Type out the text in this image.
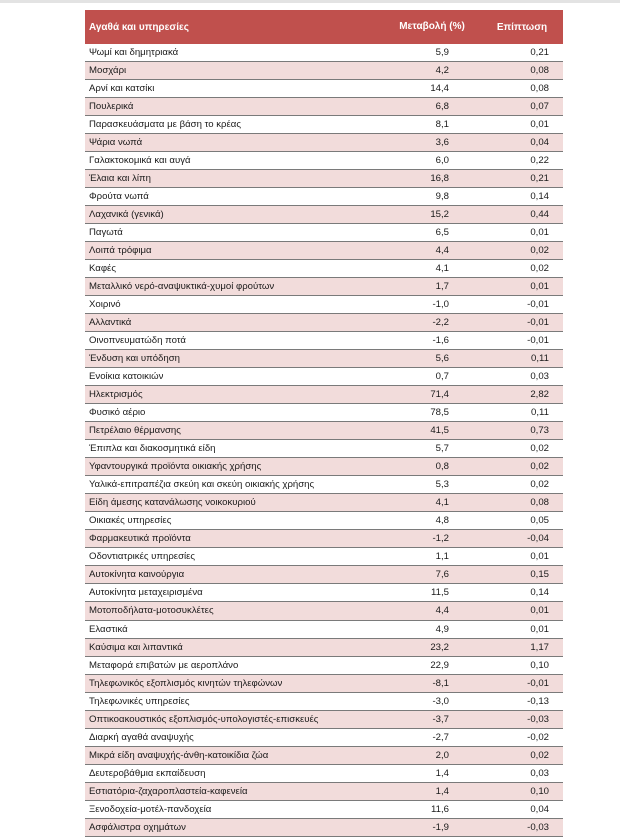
Αγαθά και υπηρεσίες	Μεταβολή (%)	Επίπτωση
Ψωμί και δημητριακά	5,9	0,21
Μοσχάρι	4,2	0,08
Αρνί και κατσίκι	14,4	0,08
Πουλερικά	6,8	0,07
Παρασκευάσματα με βάση το κρέας	8,1	0,01
Ψάρια νωπά	3,6	0,04
Γαλακτοκομικά και αυγά	6,0	0,22
Έλαια και λίπη	16,8	0,21
Φρούτα νωπά	9,8	0,14
Λαχανικά (γενικά)	15,2	0,44
Παγωτά	6,5	0,01
Λοιπά τρόφιμα	4,4	0,02
Καφές	4,1	0,02
Μεταλλικό νερό-αναψυκτικά-χυμοί φρούτων	1,7	0,01
Χοιρινό	-1,0	-0,01
Αλλαντικά	-2,2	-0,01
Οινοπνευματώδη ποτά	-1,6	-0,01
Ένδυση και υπόδηση	5,6	0,11
Ενοίκια κατοικιών	0,7	0,03
Ηλεκτρισμός	71,4	2,82
Φυσικό αέριο	78,5	0,11
Πετρέλαιο θέρμανσης	41,5	0,73
Έπιπλα και διακοσμητικά είδη	5,7	0,02
Υφαντουργικά προϊόντα οικιακής χρήσης	0,8	0,02
Υαλικά-επιτραπέζια σκεύη και σκεύη οικιακής χρήσης	5,3	0,02
Είδη άμεσης κατανάλωσης νοικοκυριού	4,1	0,08
Οικιακές υπηρεσίες	4,8	0,05
Φαρμακευτικά προϊόντα	-1,2	-0,04
Οδοντιατρικές υπηρεσίες	1,1	0,01
Αυτοκίνητα καινούργια	7,6	0,15
Αυτοκίνητα μεταχειρισμένα	11,5	0,14
Μοτοποδήλατα-μοτοσυκλέτες	4,4	0,01
Ελαστικά	4,9	0,01
Καύσιμα και λιπαντικά	23,2	1,17
Μεταφορά επιβατών με αεροπλάνο	22,9	0,10
Τηλεφωνικός εξοπλισμός κινητών τηλεφώνων	-8,1	-0,01
Τηλεφωνικές υπηρεσίες	-3,0	-0,13
Οπτικοακουστικός εξοπλισμός-υπολογιστές-επισκευές	-3,7	-0,03
Διαρκή αγαθά αναψυχής	-2,7	-0,02
Μικρά είδη αναψυχής-άνθη-κατοικίδια ζώα	2,0	0,02
Δευτεροβάθμια εκπαίδευση	1,4	0,03
Εστιατόρια-ζαχαροπλαστεία-καφενεία	1,4	0,10
Ξενοδοχεία-μοτέλ-πανδοχεία	11,6	0,04
Ασφάλιστρα οχημάτων	-1,9	-0,03
